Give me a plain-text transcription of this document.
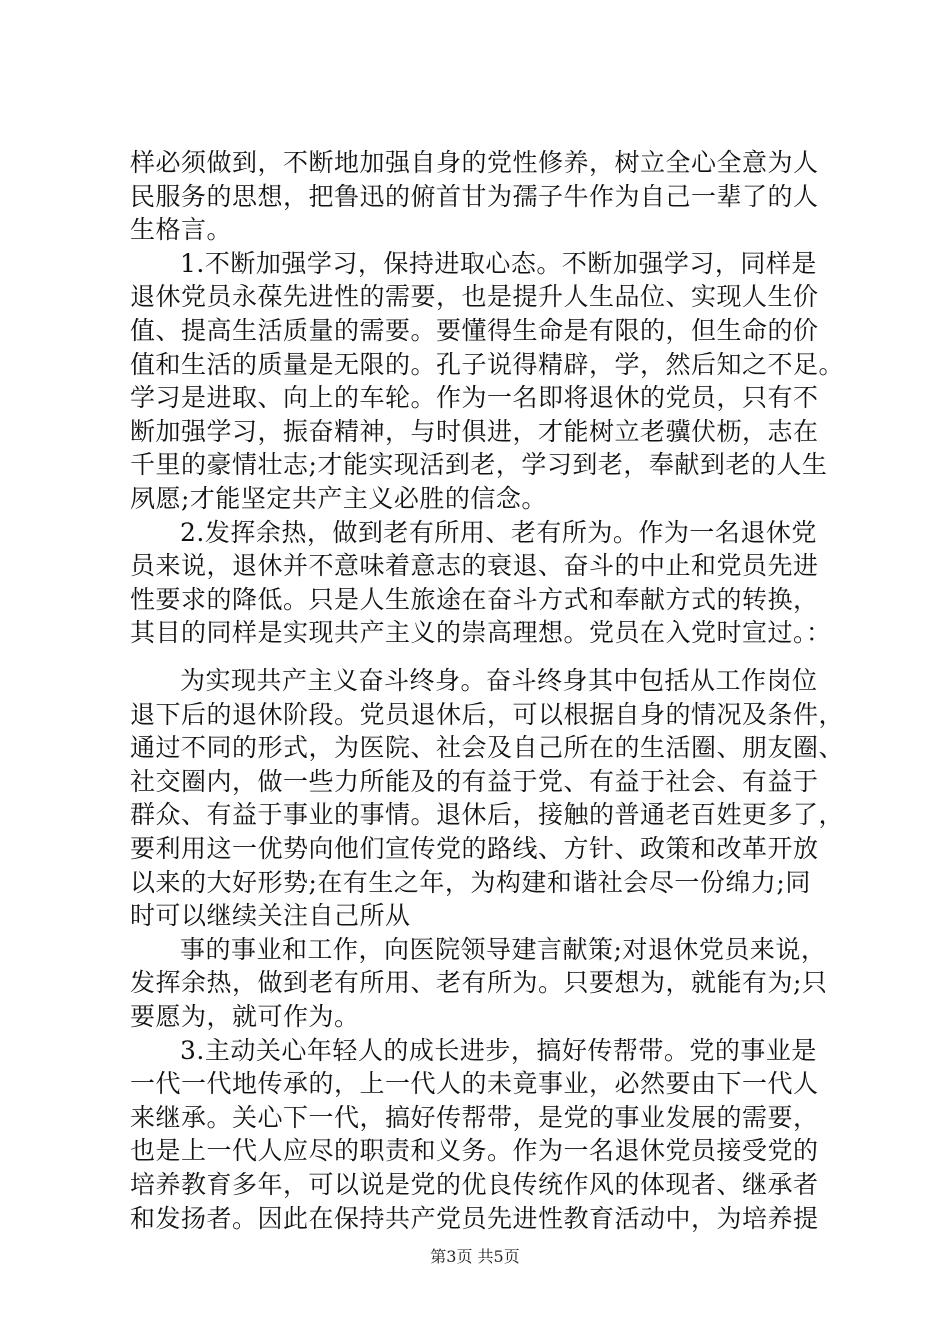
样必须做到，不断地加强自身的党性修养，树立全心全意为人
民服务的思想，把鲁迅的俯首甘为孺子牛作为自己一辈了的人
生格言。
1.不断加强学习，保持进取心态。不断加强学习，同样是
退休党员永葆先进性的需要，也是提升人生品位、实现人生价
值、提高生活质量的需要。要懂得生命是有限的，但生命的价
值和生活的质量是无限的。孔子说得精辟，学，然后知之不足。
学习是进取、向上的车轮。作为一名即将退休的党员，只有不
断加强学习，振奋精神，与时俱进，才能树立老骥伏枥，志在
千里的豪情壮志;才能实现活到老，学习到老，奉献到老的人生
夙愿;才能坚定共产主义必胜的信念。
2.发挥余热，做到老有所用、老有所为。作为一名退休党
员来说，退休并不意味着意志的衰退、奋斗的中止和党员先进
性要求的降低。只是人生旅途在奋斗方式和奉献方式的转换，
其目的同样是实现共产主义的崇高理想。党员在入党时宣过。：
为实现共产主义奋斗终身。奋斗终身其中包括从工作岗位
退下后的退休阶段。党员退休后，可以根据自身的情况及条件，
通过不同的形式，为医院、社会及自己所在的生活圈、朋友圈、
社交圈内，做一些力所能及的有益于党、有益于社会、有益于
群众、有益于事业的事情。退休后，接触的普通老百姓更多了，
要利用这一优势向他们宣传党的路线、方针、政策和改革开放
以来的大好形势;在有生之年，为构建和谐社会尽一份绵力;同
时可以继续关注自己所从
事的事业和工作，向医院领导建言献策;对退休党员来说，
发挥余热，做到老有所用、老有所为。只要想为，就能有为;只
要愿为，就可作为。
3.主动关心年轻人的成长进步，搞好传帮带。党的事业是
一代一代地传承的，上一代人的未竟事业，必然要由下一代人
来继承。关心下一代，搞好传帮带，是党的事业发展的需要，
也是上一代人应尽的职责和义务。作为一名退休党员接受党的
培养教育多年，可以说是党的优良传统作风的体现者、继承者
和发扬者。因此在保持共产党员先进性教育活动中，为培养提
第3页 共5页
